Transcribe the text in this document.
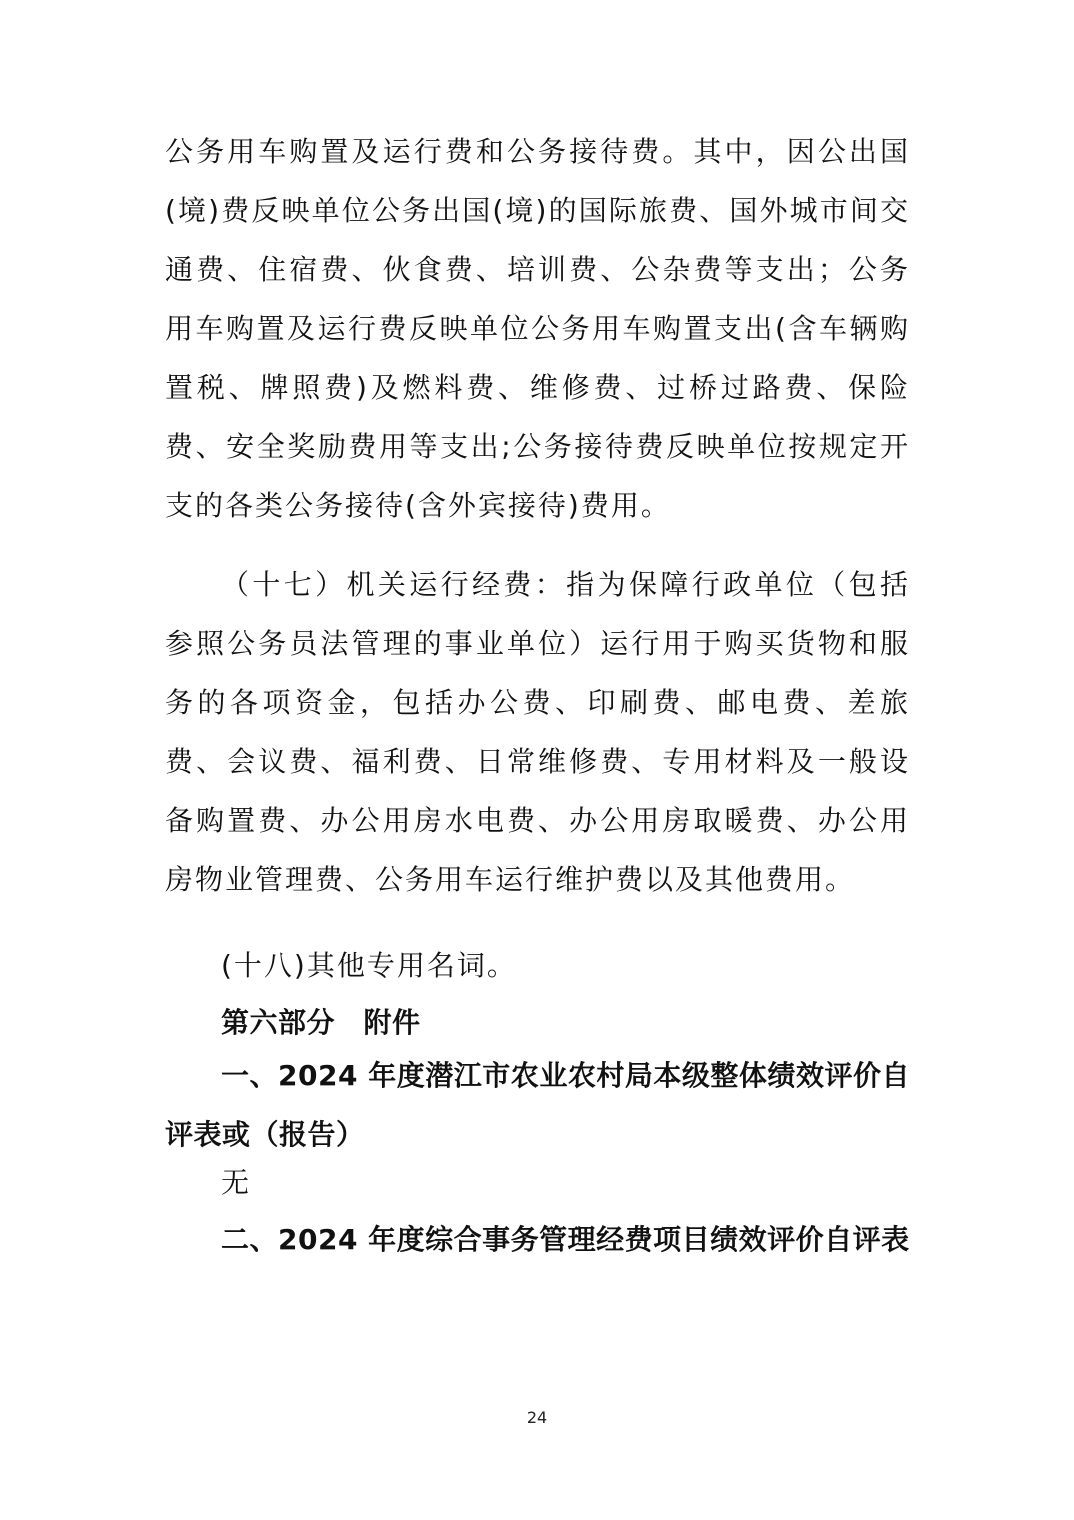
公务用车购置及运行费和公务接待费。其中，因公出国(境)费反映单位公务出国(境)的国际旅费、国外城市间交通费、住宿费、伙食费、培训费、公杂费等支出；公务用车购置及运行费反映单位公务用车购置支出(含车辆购置税、牌照费)及燃料费、维修费、过桥过路费、保险费、安全奖励费用等支出;公务接待费反映单位按规定开支的各类公务接待(含外宾接待)费用。

（十七）机关运行经费：指为保障行政单位（包括参照公务员法管理的事业单位）运行用于购买货物和服务的各项资金，包括办公费、印刷费、邮电费、差旅费、会议费、福利费、日常维修费、专用材料及一般设备购置费、办公用房水电费、办公用房取暖费、办公用房物业管理费、公务用车运行维护费以及其他费用。

(十八)其他专用名词。

第六部分　附件

一、2024 年度潜江市农业农村局本级整体绩效评价自评表或（报告）

无

二、2024 年度综合事务管理经费项目绩效评价自评表

24
